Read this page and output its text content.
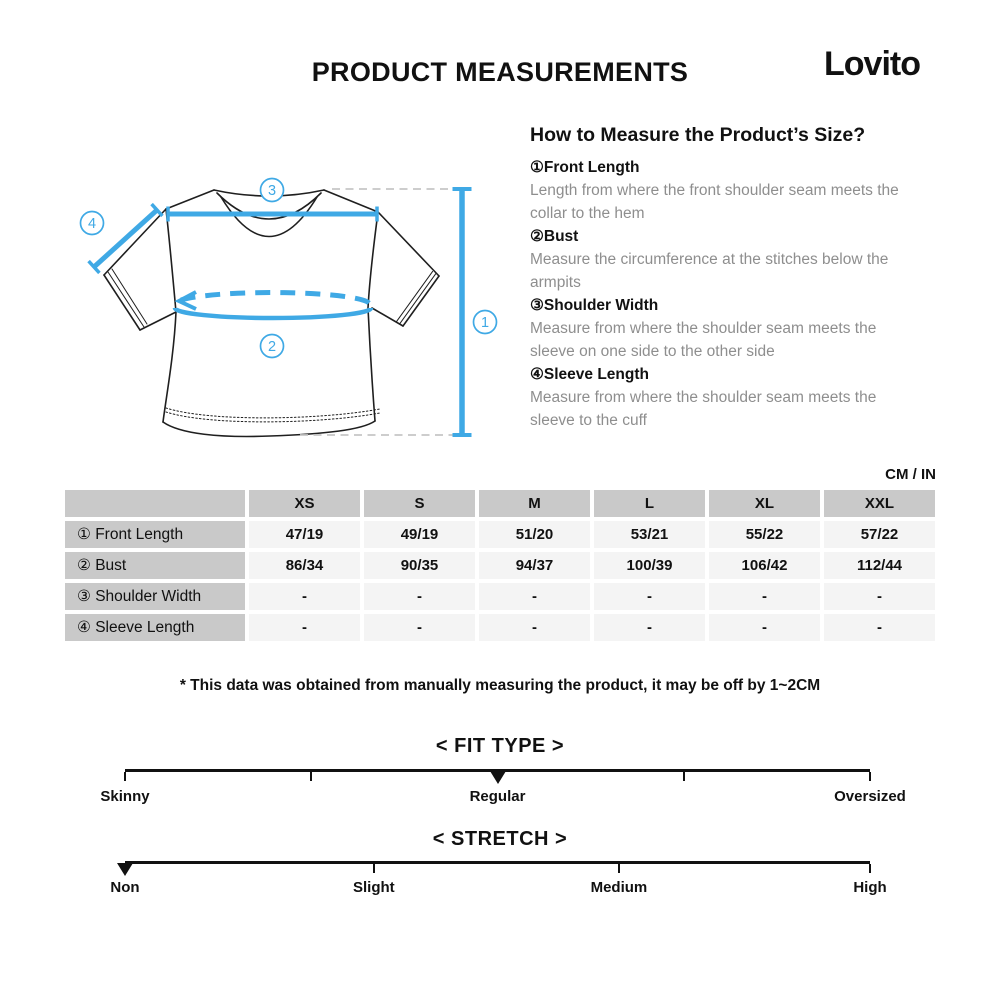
PRODUCT MEASUREMENTS	Lovito
3
4
2
1
How to Measure the Product’s Size?
①Front Length
Length from where the front shoulder seam meets the collar to the hem
②Bust
Measure the circumference at the stitches below the armpits
③Shoulder Width
Measure from where the shoulder seam meets the sleeve on one side to the other side
④Sleeve Length
Measure from where the shoulder seam meets the sleeve to the cuff
CM / IN
XS	S	M	L	XL	XXL
① Front Length	47/19	49/19	51/20	53/21	55/22	57/22
② Bust	86/34	90/35	94/37	100/39	106/42	112/44
③ Shoulder Width	-	-	-	-	-	-
④ Sleeve Length	-	-	-	-	-	-
* This data was obtained from manually measuring the product, it may be off by 1~2CM
< FIT TYPE >
Skinny	Regular	Oversized
< STRETCH >
Non	Slight	Medium	High
